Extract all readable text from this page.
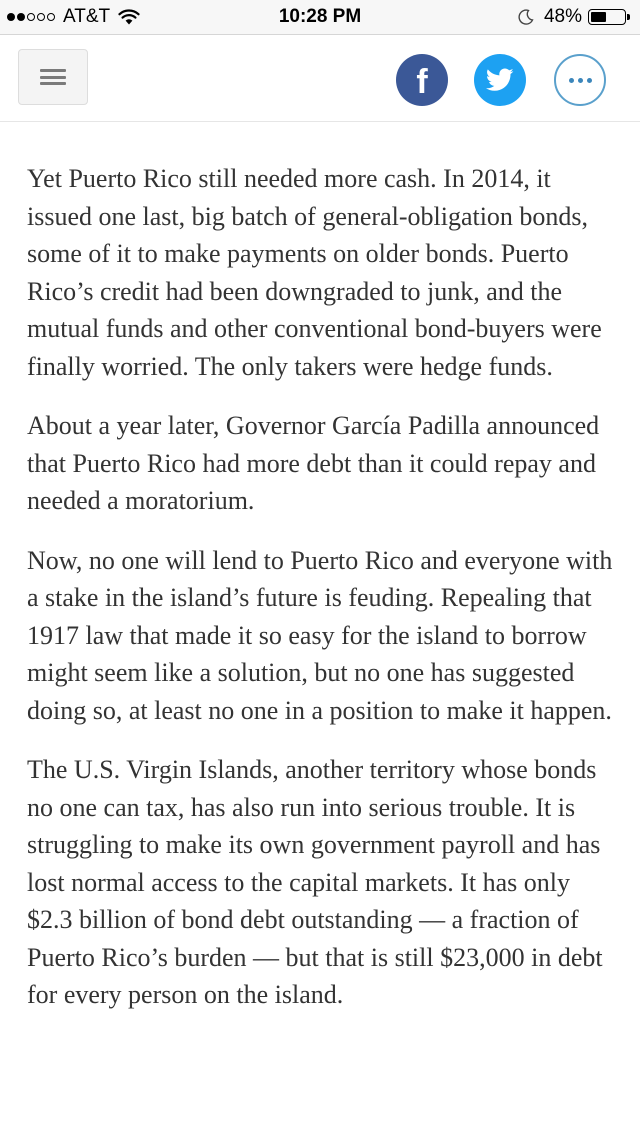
AT&T	10:28 PM	48%
f

Yet Puerto Rico still needed more cash. In 2014, it issued one last, big batch of general-obligation bonds, some of it to make payments on older bonds. Puerto Rico’s credit had been downgraded to junk, and the mutual funds and other conventional bond-buyers were finally worried. The only takers were hedge funds.

About a year later, Governor García Padilla announced that Puerto Rico had more debt than it could repay and needed a moratorium.

Now, no one will lend to Puerto Rico and everyone with a stake in the island’s future is feuding. Repealing that 1917 law that made it so easy for the island to borrow might seem like a solution, but no one has suggested doing so, at least no one in a position to make it happen.

The U.S. Virgin Islands, another territory whose bonds no one can tax, has also run into serious trouble. It is struggling to make its own government payroll and has lost normal access to the capital markets. It has only $2.3 billion of bond debt outstanding — a fraction of Puerto Rico’s burden — but that is still $23,000 in debt for every person on the island.
